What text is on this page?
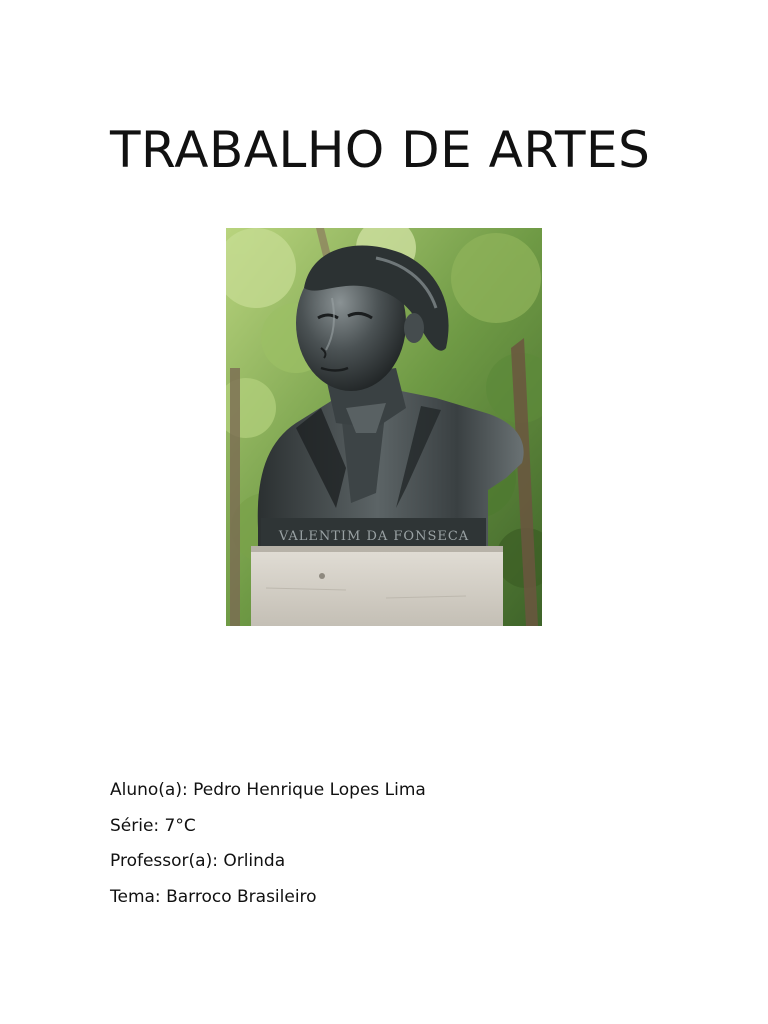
TRABALHO DE ARTES
VALENTIM DA FONSECA

Aluno(a): Pedro Henrique Lopes Lima

Série: 7°C

Professor(a): Orlinda

Tema: Barroco Brasileiro
